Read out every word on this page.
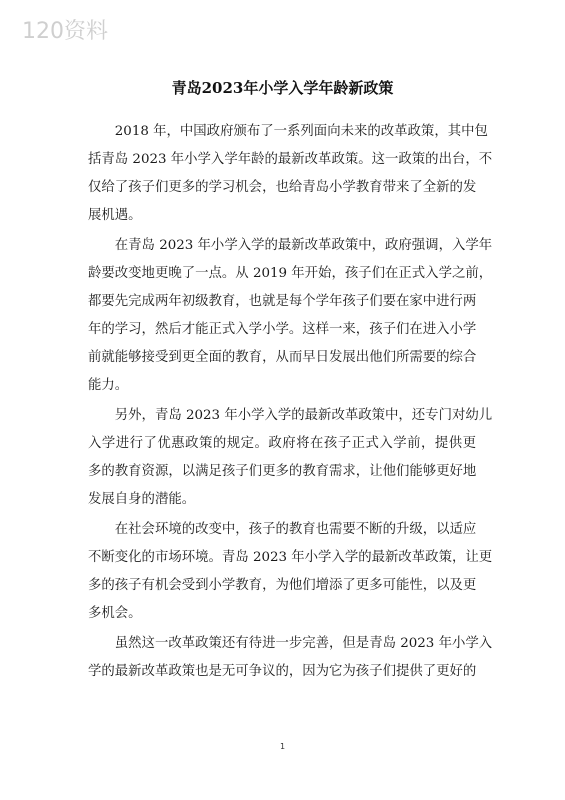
120资料
青岛2023年小学入学年龄新政策
　　2018 年，中国政府颁布了一系列面向未来的改革政策，其中包
括青岛 2023 年小学入学年龄的最新改革政策。这一政策的出台，不
仅给了孩子们更多的学习机会，也给青岛小学教育带来了全新的发
展机遇。
　　在青岛 2023 年小学入学的最新改革政策中，政府强调，入学年
龄要改变地更晚了一点。从 2019 年开始，孩子们在正式入学之前，
都要先完成两年初级教育，也就是每个学年孩子们要在家中进行两
年的学习，然后才能正式入学小学。这样一来，孩子们在进入小学
前就能够接受到更全面的教育，从而早日发展出他们所需要的综合
能力。
　　另外，青岛 2023 年小学入学的最新改革政策中，还专门对幼儿
入学进行了优惠政策的规定。政府将在孩子正式入学前，提供更
多的教育资源，以满足孩子们更多的教育需求，让他们能够更好地
发展自身的潜能。
　　在社会环境的改变中，孩子的教育也需要不断的升级，以适应
不断变化的市场环境。青岛 2023 年小学入学的最新改革政策，让更
多的孩子有机会受到小学教育，为他们增添了更多可能性，以及更
多机会。
　　虽然这一改革政策还有待进一步完善，但是青岛 2023 年小学入
学的最新改革政策也是无可争议的，因为它为孩子们提供了更好的
1
